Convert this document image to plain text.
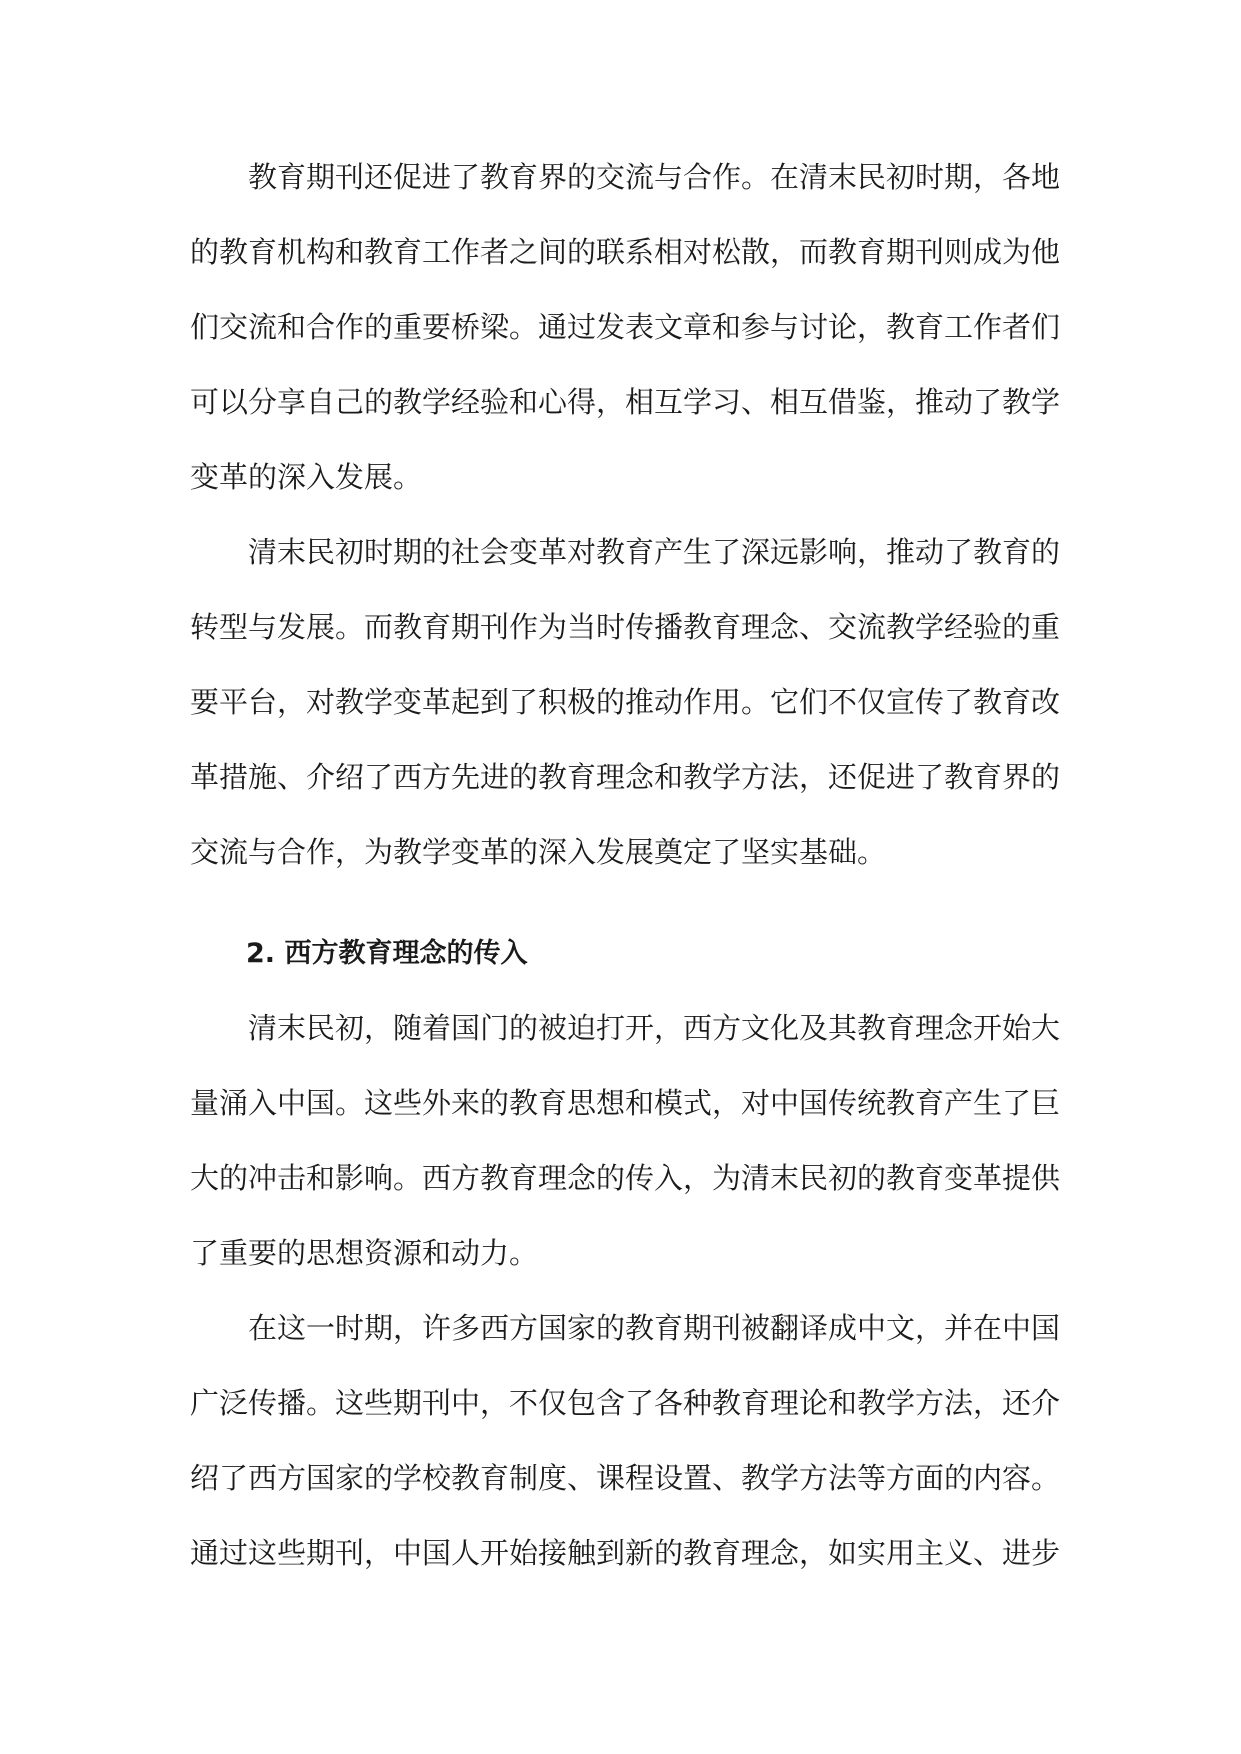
教育期刊还促进了教育界的交流与合作。在清末民初时期，各地的教育机构和教育工作者之间的联系相对松散，而教育期刊则成为他们交流和合作的重要桥梁。通过发表文章和参与讨论，教育工作者们可以分享自己的教学经验和心得，相互学习、相互借鉴，推动了教学变革的深入发展。

清末民初时期的社会变革对教育产生了深远影响，推动了教育的转型与发展。而教育期刊作为当时传播教育理念、交流教学经验的重要平台，对教学变革起到了积极的推动作用。它们不仅宣传了教育改革措施、介绍了西方先进的教育理念和教学方法，还促进了教育界的交流与合作，为教学变革的深入发展奠定了坚实基础。

2. 西方教育理念的传入

清末民初，随着国门的被迫打开，西方文化及其教育理念开始大量涌入中国。这些外来的教育思想和模式，对中国传统教育产生了巨大的冲击和影响。西方教育理念的传入，为清末民初的教育变革提供了重要的思想资源和动力。

在这一时期，许多西方国家的教育期刊被翻译成中文，并在中国广泛传播。这些期刊中，不仅包含了各种教育理论和教学方法，还介绍了西方国家的学校教育制度、课程设置、教学方法等方面的内容。通过这些期刊，中国人开始接触到新的教育理念，如实用主义、进步
